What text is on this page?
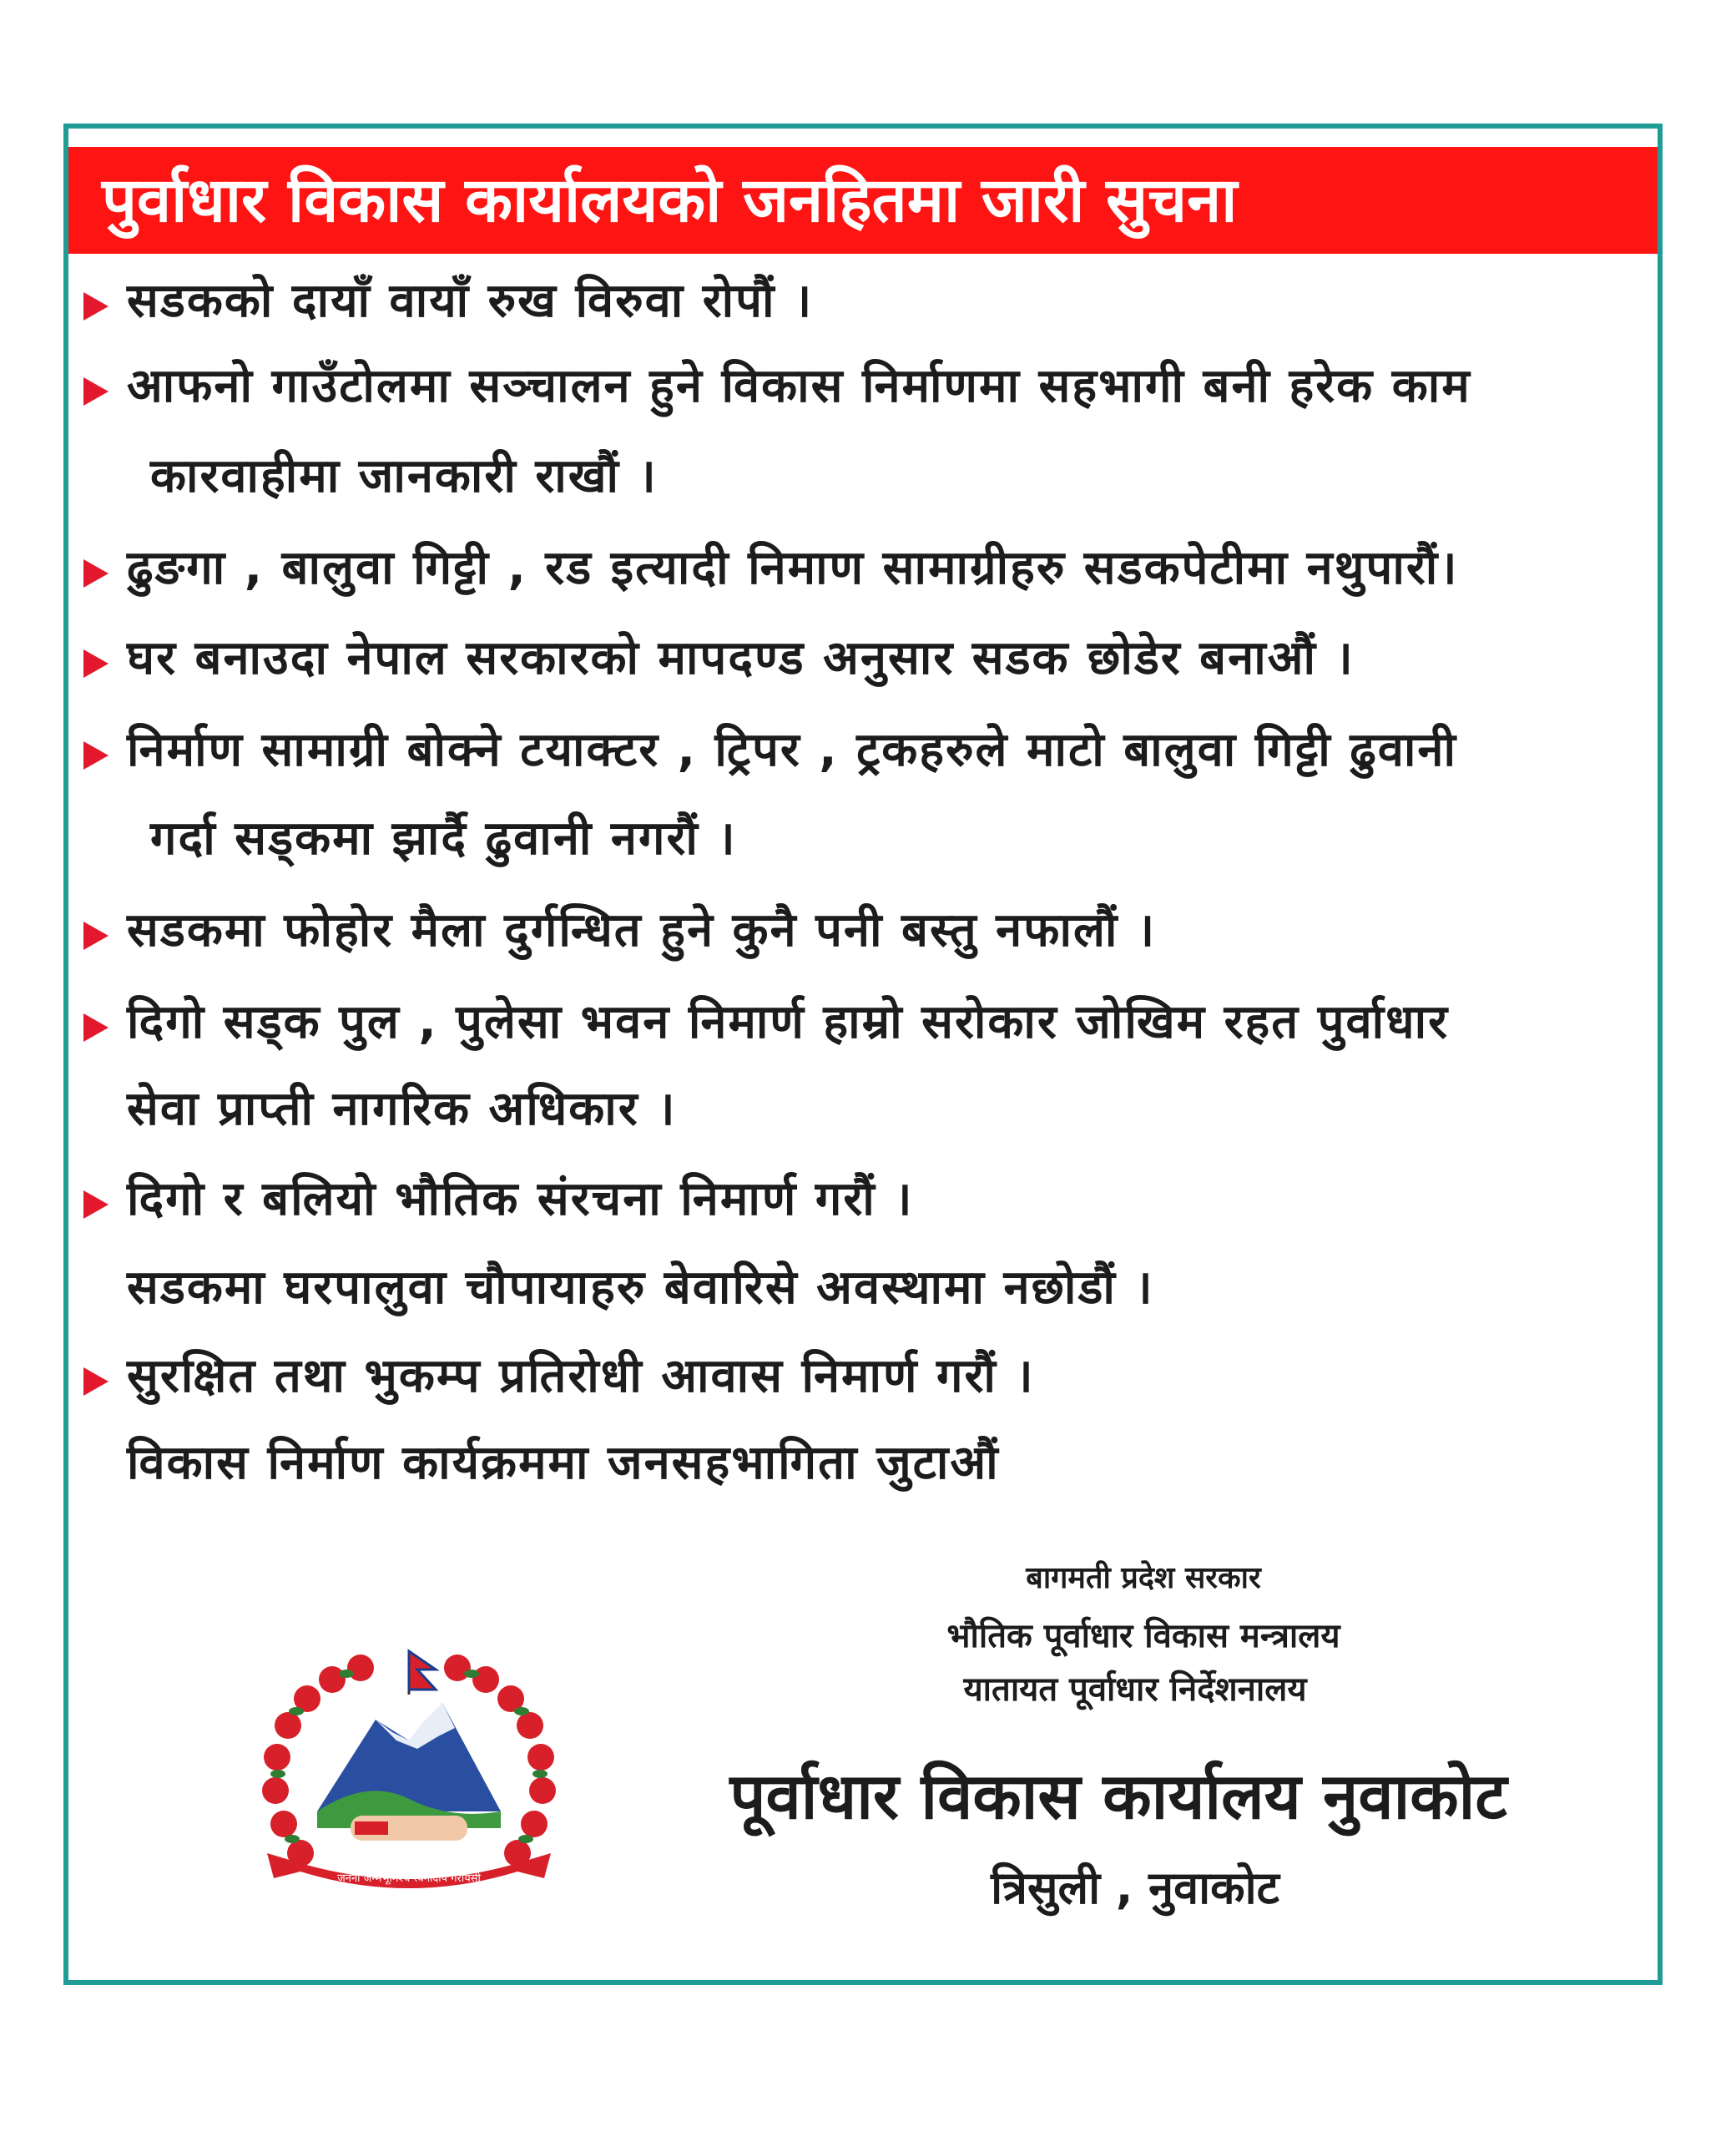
पुर्वाधार विकास कार्यालयको जनहितमा जारी सुचना
सडकको दायाँ वायाँ रुख विरुवा रोपौं ।
आफनो गाउँटोलमा सञ्चालन हुने विकास निर्माणमा सहभागी बनी हरेक काम
कारवाहीमा जानकारी राखौं ।
ढुङगा , बालुवा गिट्टी , रड इत्यादी निमाण सामाग्रीहरु सडकपेटीमा नथुपारौं।
घर बनाउदा नेपाल सरकारको मापदण्ड अनुसार सडक छोडेर बनाऔं ।
निर्माण सामाग्री बोक्ने टयाक्टर , ट्रिपर , ट्रकहरुले माटो बालुवा गिट्टी ढुवानी
गर्दा सड्कमा झार्दै ढुवानी नगरौं ।
सडकमा फोहोर मैला दुर्गन्धित हुने कुनै पनी बस्तु नफालौं ।
दिगो सड्क पुल , पुलेसा भवन निमार्ण हाम्रो सरोकार जोखिम रहत पुर्वाधार
सेवा प्राप्ती नागरिक अधिकार ।
दिगो र बलियो भौतिक संरचना निमार्ण गरौं ।
सडकमा घरपालुवा चौपायाहरु बेवारिसे अवस्थामा नछोडौं ।
सुरक्षित तथा भुकम्प प्रतिरोधी आवास निमार्ण गरौं ।
विकास निर्माण कार्यक्रममा जनसहभागिता जुटाऔं
जननी जन्मभूमिश्च स्वर्गादपि गरीयसी
बागमती प्रदेश सरकार
भौतिक पूर्वाधार विकास मन्त्रालय
यातायत पूर्वाधार निर्देशनालय
पूर्वाधार विकास कार्यालय नुवाकोट
त्रिसुली , नुवाकोट
